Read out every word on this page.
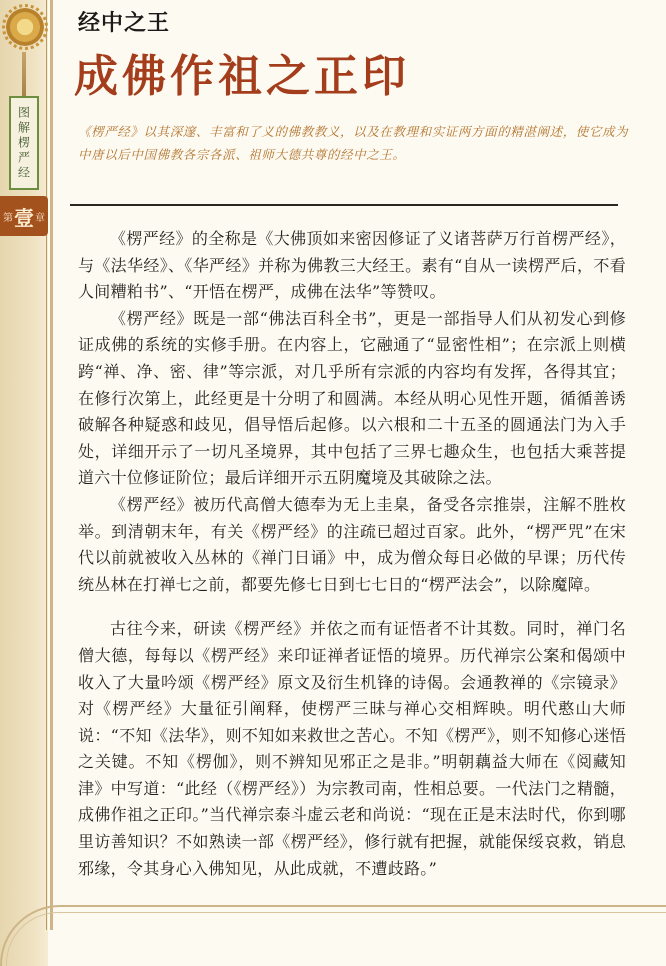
图解楞严经
第 壹 章
经中之王
成佛作祖之正印
《楞严经》以其深邃、丰富和了义的佛教教义，以及在教理和实证两方面的精湛阐述，使它成为中唐以后中国佛教各宗各派、祖师大德共尊的经中之王。

《楞严经》的全称是《大佛顶如来密因修证了义诸菩萨万行首楞严经》，与《法华经》、《华严经》并称为佛教三大经王。素有“自从一读楞严后，不看人间糟粕书”、“开悟在楞严，成佛在法华”等赞叹。

《楞严经》既是一部“佛法百科全书”，更是一部指导人们从初发心到修证成佛的系统的实修手册。在内容上，它融通了“显密性相”；在宗派上则横跨“禅、净、密、律”等宗派，对几乎所有宗派的内容均有发挥，各得其宜；在修行次第上，此经更是十分明了和圆满。本经从明心见性开题，循循善诱破解各种疑惑和歧见，倡导悟后起修。以六根和二十五圣的圆通法门为入手处，详细开示了一切凡圣境界，其中包括了三界七趣众生，也包括大乘菩提道六十位修证阶位；最后详细开示五阴魔境及其破除之法。

《楞严经》被历代高僧大德奉为无上圭臬，备受各宗推崇，注解不胜枚举。到清朝末年，有关《楞严经》的注疏已超过百家。此外，“楞严咒”在宋代以前就被收入丛林的《禅门日诵》中，成为僧众每日必做的早课；历代传统丛林在打禅七之前，都要先修七日到七七日的“楞严法会”，以除魔障。

古往今来，研读《楞严经》并依之而有证悟者不计其数。同时，禅门名僧大德，每每以《楞严经》来印证禅者证悟的境界。历代禅宗公案和偈颂中收入了大量吟颂《楞严经》原文及衍生机锋的诗偈。会通教禅的《宗镜录》对《楞严经》大量征引阐释，使楞严三昧与禅心交相辉映。明代憨山大师说：“不知《法华》，则不知如来救世之苦心。不知《楞严》，则不知修心迷悟之关键。不知《楞伽》，则不辨知见邪正之是非。”明朝藕益大师在《阅藏知津》中写道：“此经（《楞严经》）为宗教司南，性相总要。一代法门之精髓，成佛作祖之正印。”当代禅宗泰斗虚云老和尚说：“现在正是末法时代，你到哪里访善知识？不如熟读一部《楞严经》，修行就有把握，就能保绥哀救，销息邪缘，令其身心入佛知见，从此成就，不遭歧路。”
